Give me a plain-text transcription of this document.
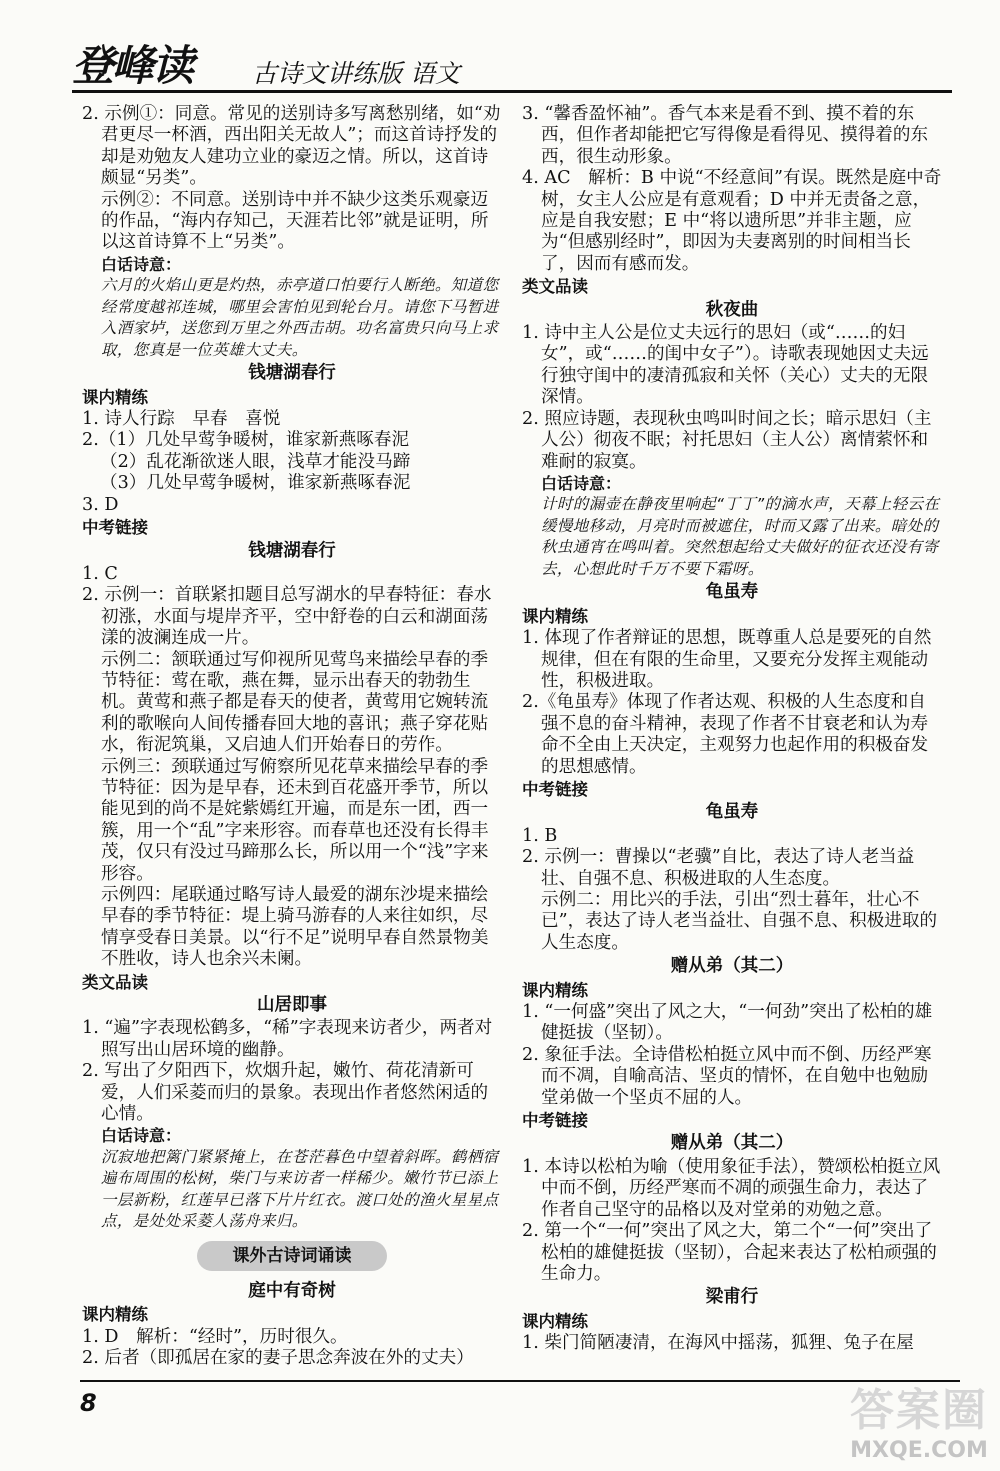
登峰读 古诗文讲练版 语文

2. 示例①：同意。常见的送别诗多写离愁别绪，如“劝君更尽一杯酒，西出阳关无故人”；而这首诗抒发的却是劝勉友人建功立业的豪迈之情。所以，这首诗颇显“另类”。

示例②：不同意。送别诗中并不缺少这类乐观豪迈的作品，“海内存知己，天涯若比邻”就是证明，所以这首诗算不上“另类”。

白话诗意：

六月的火焰山更是灼热，赤亭道口怕要行人断绝。知道您经常度越祁连城，哪里会害怕见到轮台月。请您下马暂进入酒家垆，送您到万里之外西击胡。功名富贵只向马上求取，您真是一位英雄大丈夫。

钱塘湖春行

课内精练

1. 诗人行踪　早春　喜悦

2.（1）几处早莺争暖树，谁家新燕啄春泥

（2）乱花渐欲迷人眼，浅草才能没马蹄

（3）几处早莺争暖树，谁家新燕啄春泥

3. D

中考链接

钱塘湖春行

1. C

2. 示例一：首联紧扣题目总写湖水的早春特征：春水初涨，水面与堤岸齐平，空中舒卷的白云和湖面荡漾的波澜连成一片。

示例二：颔联通过写仰视所见莺鸟来描绘早春的季节特征：莺在歌，燕在舞，显示出春天的勃勃生机。黄莺和燕子都是春天的使者，黄莺用它婉转流利的歌喉向人间传播春回大地的喜讯；燕子穿花贴水，衔泥筑巢，又启迪人们开始春日的劳作。

示例三：颈联通过写俯察所见花草来描绘早春的季节特征：因为是早春，还未到百花盛开季节，所以能见到的尚不是姹紫嫣红开遍，而是东一团，西一簇，用一个“乱”字来形容。而春草也还没有长得丰茂，仅只有没过马蹄那么长，所以用一个“浅”字来形容。

示例四：尾联通过略写诗人最爱的湖东沙堤来描绘早春的季节特征：堤上骑马游春的人来往如织，尽情享受春日美景。以“行不足”说明早春自然景物美不胜收，诗人也余兴未阑。

类文品读

山居即事

1. “遍”字表现松鹤多，“稀”字表现来访者少，两者对照写出山居环境的幽静。

2. 写出了夕阳西下，炊烟升起，嫩竹、荷花清新可爱，人们采菱而归的景象。表现出作者悠然闲适的心情。

白话诗意：

沉寂地把篱门紧紧掩上，在苍茫暮色中望着斜晖。鹤栖宿遍布周围的松树，柴门与来访者一样稀少。嫩竹节已添上一层新粉，红莲早已落下片片红衣。渡口处的渔火星星点点，是处处采菱人荡舟来归。

课外古诗词诵读

庭中有奇树

课内精练

1. D　解析：“经时”，历时很久。

2. 后者（即孤居在家的妻子思念奔波在外的丈夫）

3. “馨香盈怀袖”。香气本来是看不到、摸不着的东西，但作者却能把它写得像是看得见、摸得着的东西，很生动形象。

4. AC　解析：B 中说“不经意间”有误。既然是庭中奇树，女主人公应是有意观看；D 中并无责备之意，应是自我安慰；E 中“将以遗所思”并非主题，应为“但感别经时”，即因为夫妻离别的时间相当长了，因而有感而发。

类文品读

秋夜曲

1. 诗中主人公是位丈夫远行的思妇（或“……的妇女”，或“……的闺中女子”）。诗歌表现她因丈夫远行独守闺中的凄清孤寂和关怀（关心）丈夫的无限深情。

2. 照应诗题，表现秋虫鸣叫时间之长；暗示思妇（主人公）彻夜不眠；衬托思妇（主人公）离情萦怀和难耐的寂寞。

白话诗意：

计时的漏壶在静夜里响起“丁丁”的滴水声，天幕上轻云在缓慢地移动，月亮时而被遮住，时而又露了出来。暗处的秋虫通宵在鸣叫着。突然想起给丈夫做好的征衣还没有寄去，心想此时千万不要下霜呀。

龟虽寿

课内精练

1. 体现了作者辩证的思想，既尊重人总是要死的自然规律，但在有限的生命里，又要充分发挥主观能动性，积极进取。

2.《龟虽寿》体现了作者达观、积极的人生态度和自强不息的奋斗精神，表现了作者不甘衰老和认为寿命不全由上天决定，主观努力也起作用的积极奋发的思想感情。

中考链接

龟虽寿

1. B

2. 示例一：曹操以“老骥”自比，表达了诗人老当益壮、自强不息、积极进取的人生态度。

示例二：用比兴的手法，引出“烈士暮年，壮心不已”，表达了诗人老当益壮、自强不息、积极进取的人生态度。

赠从弟（其二）

课内精练

1. “一何盛”突出了风之大，“一何劲”突出了松柏的雄健挺拔（坚韧）。

2. 象征手法。全诗借松柏挺立风中而不倒、历经严寒而不凋，自喻高洁、坚贞的情怀，在自勉中也勉励堂弟做一个坚贞不屈的人。

中考链接

赠从弟（其二）

1. 本诗以松柏为喻（使用象征手法），赞颂松柏挺立风中而不倒，历经严寒而不凋的顽强生命力，表达了作者自己坚守的品格以及对堂弟的劝勉之意。

2. 第一个“一何”突出了风之大，第二个“一何”突出了松柏的雄健挺拔（坚韧），合起来表达了松柏顽强的生命力。

梁甫行

课内精练

1. 柴门简陋凄清，在海风中摇荡，狐狸、兔子在屋

8	答案圈
MXQE.COM
